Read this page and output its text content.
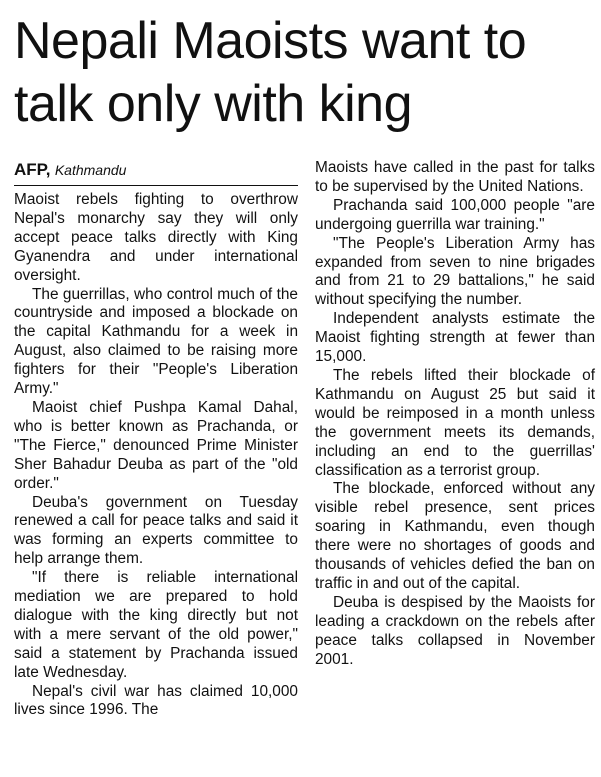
Nepali Maoists want to talk only with king
AFP, Kathmandu

Maoist rebels fighting to overthrow Nepal's monarchy say they will only accept peace talks directly with King Gyanendra and under international oversight.

The guerrillas, who control much of the countryside and imposed a blockade on the capital Kathmandu for a week in August, also claimed to be raising more fighters for their "People's Liberation Army."

Maoist chief Pushpa Kamal Dahal, who is better known as Prachanda, or "The Fierce," denounced Prime Minister Sher Bahadur Deuba as part of the "old order."

Deuba's government on Tuesday renewed a call for peace talks and said it was forming an experts committee to help arrange them.

"If there is reliable international mediation we are prepared to hold dialogue with the king directly but not with a mere servant of the old power," said a statement by Prachanda issued late Wednesday.

Nepal's civil war has claimed 10,000 lives since 1996. The

Maoists have called in the past for talks to be supervised by the United Nations.

Prachanda said 100,000 people "are undergoing guerrilla war training."

"The People's Liberation Army has expanded from seven to nine brigades and from 21 to 29 battalions," he said without specifying the number.

Independent analysts estimate the Maoist fighting strength at fewer than 15,000.

The rebels lifted their blockade of Kathmandu on August 25 but said it would be reimposed in a month unless the government meets its demands, including an end to the guerrillas' classification as a terrorist group.

The blockade, enforced without any visible rebel presence, sent prices soaring in Kathmandu, even though there were no shortages of goods and thousands of vehicles defied the ban on traffic in and out of the capital.

Deuba is despised by the Maoists for leading a crackdown on the rebels after peace talks collapsed in November 2001.
